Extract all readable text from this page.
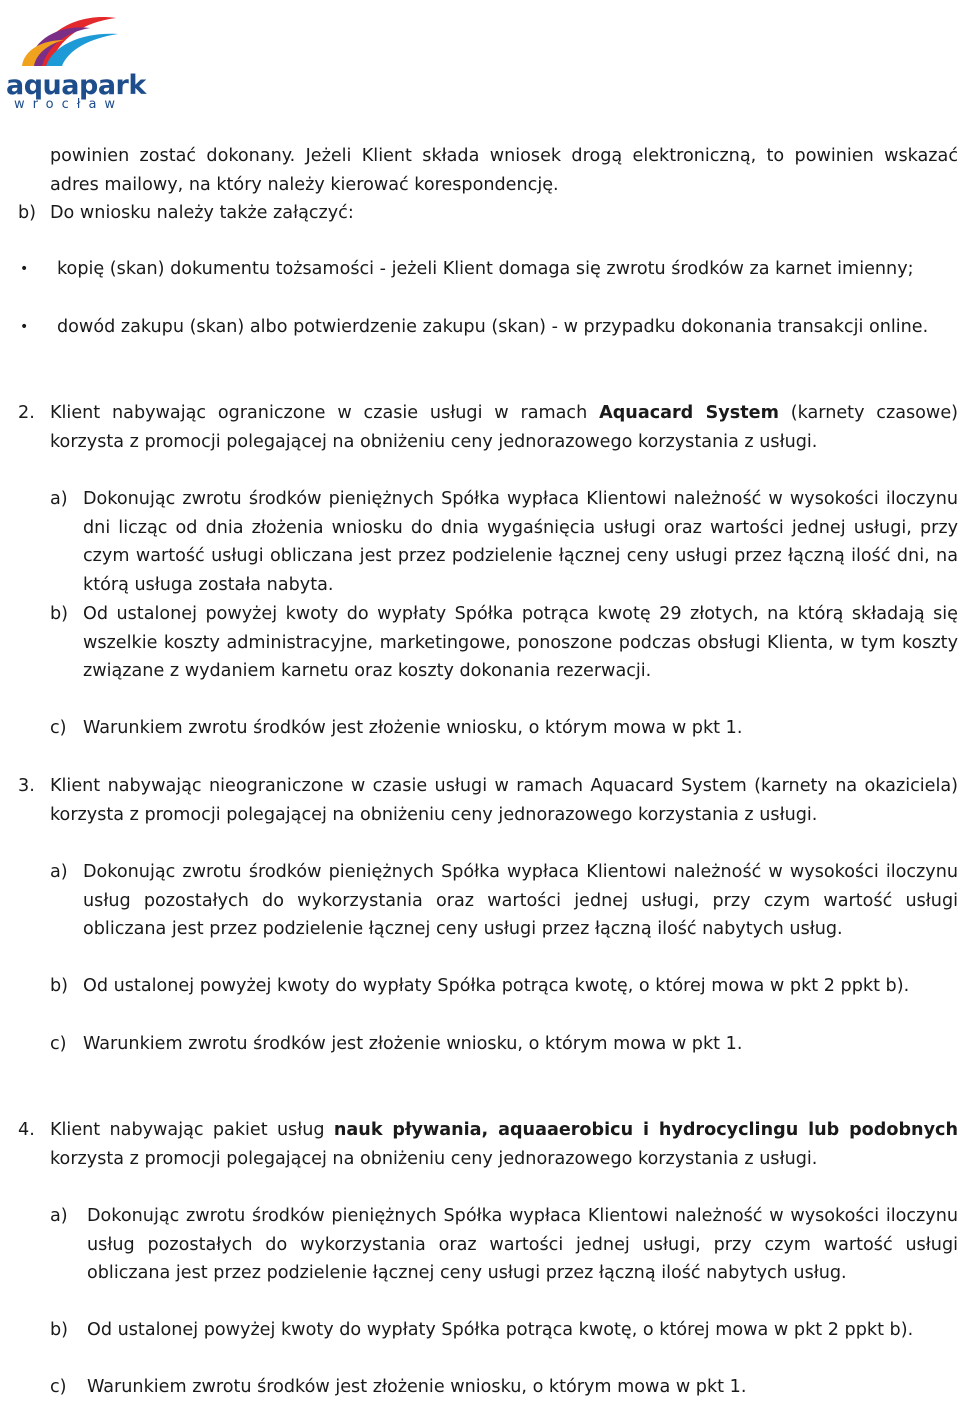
aquapark
wrocław
powinien zostać dokonany. Jeżeli Klient składa wniosek drogą elektroniczną, to powinien wskazać adres mailowy, na który należy kierować korespondencję.
b) Do wniosku należy także załączyć:
• kopię (skan) dokumentu tożsamości - jeżeli Klient domaga się zwrotu środków za karnet imienny;
• dowód zakupu (skan) albo potwierdzenie zakupu (skan) - w przypadku dokonania transakcji online.
2. Klient nabywając ograniczone w czasie usługi w ramach Aquacard System (karnety czasowe) korzysta z promocji polegającej na obniżeniu ceny jednorazowego korzystania z usługi.
a) Dokonując zwrotu środków pieniężnych Spółka wypłaca Klientowi należność w wysokości iloczynu dni licząc od dnia złożenia wniosku do dnia wygaśnięcia usługi oraz wartości jednej usługi, przy czym wartość usługi obliczana jest przez podzielenie łącznej ceny usługi przez łączną ilość dni, na którą usługa została nabyta.
b) Od ustalonej powyżej kwoty do wypłaty Spółka potrąca kwotę 29 złotych, na którą składają się wszelkie koszty administracyjne, marketingowe, ponoszone podczas obsługi Klienta, w tym koszty związane z wydaniem karnetu oraz koszty dokonania rezerwacji.
c) Warunkiem zwrotu środków jest złożenie wniosku, o którym mowa w pkt 1.
3. Klient nabywając nieograniczone w czasie usługi w ramach Aquacard System (karnety na okaziciela) korzysta z promocji polegającej na obniżeniu ceny jednorazowego korzystania z usługi.
a) Dokonując zwrotu środków pieniężnych Spółka wypłaca Klientowi należność w wysokości iloczynu usług pozostałych do wykorzystania oraz wartości jednej usługi, przy czym wartość usługi obliczana jest przez podzielenie łącznej ceny usługi przez łączną ilość nabytych usług.
b) Od ustalonej powyżej kwoty do wypłaty Spółka potrąca kwotę, o której mowa w pkt 2 ppkt b).
c) Warunkiem zwrotu środków jest złożenie wniosku, o którym mowa w pkt 1.
4. Klient nabywając pakiet usług nauk pływania, aquaaerobicu i hydrocyclingu lub podobnych korzysta z promocji polegającej na obniżeniu ceny jednorazowego korzystania z usługi.
a) Dokonując zwrotu środków pieniężnych Spółka wypłaca Klientowi należność w wysokości iloczynu usług pozostałych do wykorzystania oraz wartości jednej usługi, przy czym wartość usługi obliczana jest przez podzielenie łącznej ceny usługi przez łączną ilość nabytych usług.
b) Od ustalonej powyżej kwoty do wypłaty Spółka potrąca kwotę, o której mowa w pkt 2 ppkt b).
c) Warunkiem zwrotu środków jest złożenie wniosku, o którym mowa w pkt 1.
